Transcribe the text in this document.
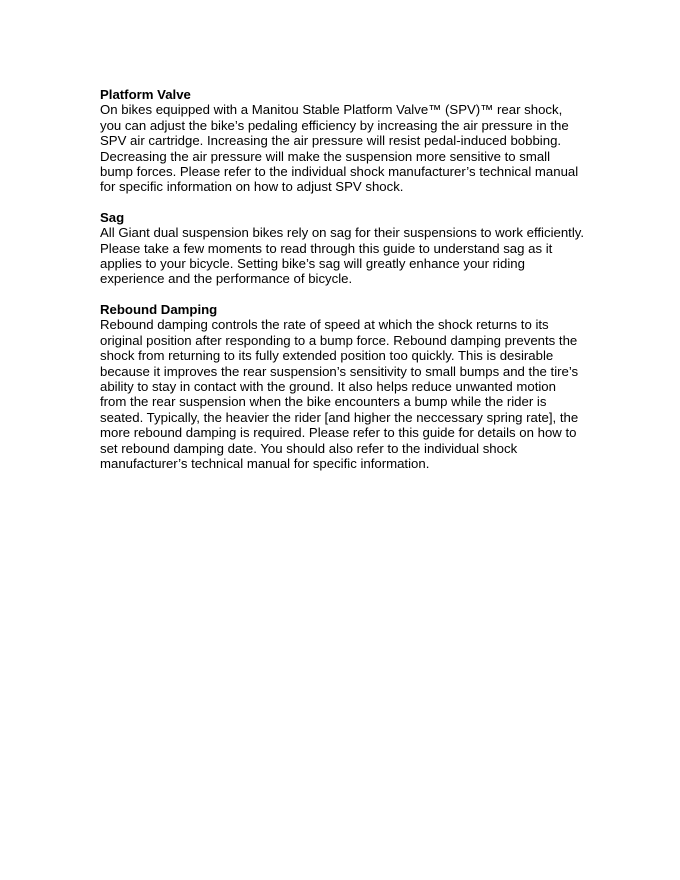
Platform Valve
On bikes equipped with a Manitou Stable Platform Valve™ (SPV)™ rear shock,
you can adjust the bike’s pedaling efficiency by increasing the air pressure in the
SPV air cartridge. Increasing the air pressure will resist pedal-induced bobbing.
Decreasing the air pressure will make the suspension more sensitive to small
bump forces. Please refer to the individual shock manufacturer’s technical manual
for specific information on how to adjust SPV shock.
Sag
All Giant dual suspension bikes rely on sag for their suspensions to work efficiently.
Please take a few moments to read through this guide to understand sag as it
applies to your bicycle. Setting bike’s sag will greatly enhance your riding
experience and the performance of bicycle.
Rebound Damping
Rebound damping controls the rate of speed at which the shock returns to its
original position after responding to a bump force. Rebound damping prevents the
shock from returning to its fully extended position too quickly. This is desirable
because it improves the rear suspension’s sensitivity to small bumps and the tire’s
ability to stay in contact with the ground. It also helps reduce unwanted motion
from the rear suspension when the bike encounters a bump while the rider is
seated. Typically, the heavier the rider [and higher the neccessary spring rate], the
more rebound damping is required. Please refer to this guide for details on how to
set rebound damping date. You should also refer to the individual shock
manufacturer’s technical manual for specific information.
